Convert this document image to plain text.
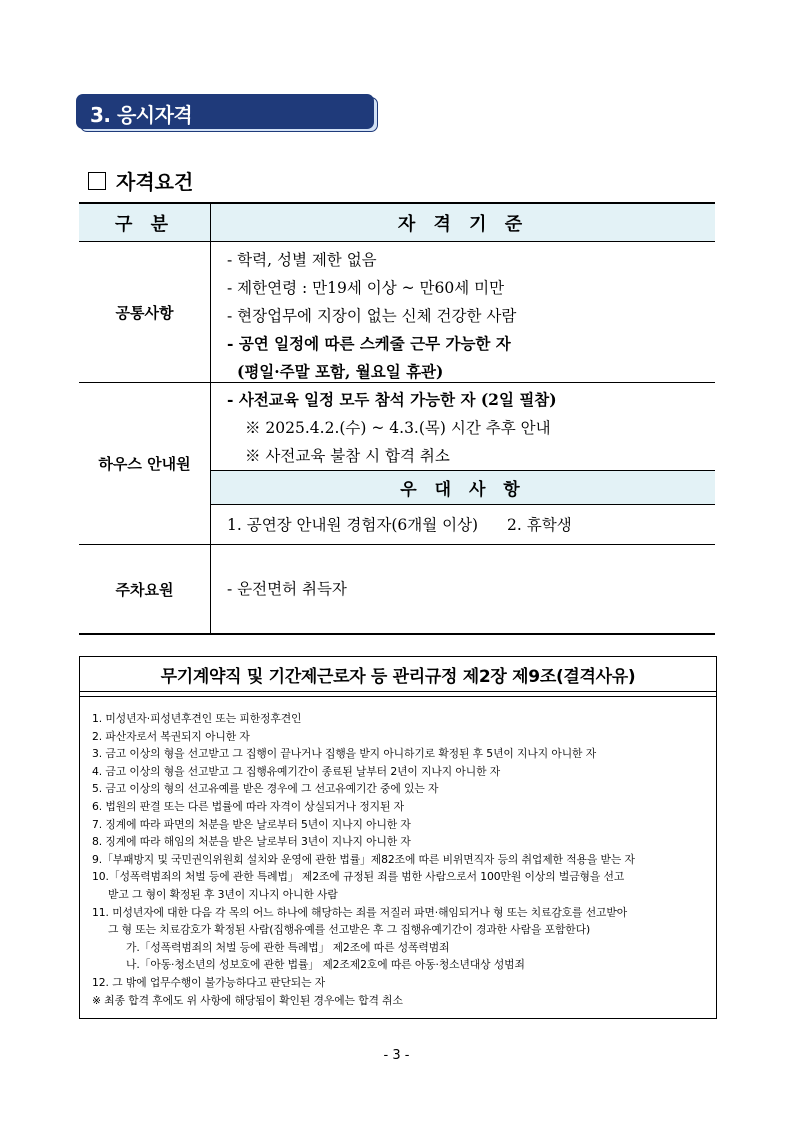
3. 응시자격
자격요건
구 분	자 격 기 준
공통사항
- 학력, 성별 제한 없음
- 제한연령 : 만19세 이상 ~ 만60세 미만
- 현장업무에 지장이 없는 신체 건강한 사람
- 공연 일정에 따른 스케줄 근무 가능한 자
(평일·주말 포함, 월요일 휴관)
하우스 안내원
- 사전교육 일정 모두 참석 가능한 자 (2일 필참)
※ 2025.4.2.(수) ~ 4.3.(목) 시간 추후 안내
※ 사전교육 불참 시 합격 취소
우 대 사 항
1. 공연장 안내원 경험자(6개월 이상) 2. 휴학생
주차요원	- 운전면허 취득자
무기계약직 및 기간제근로자 등 관리규정 제2장 제9조(결격사유)
1. 미성년자·피성년후견인 또는 피한정후견인
2. 파산자로서 복권되지 아니한 자
3. 금고 이상의 형을 선고받고 그 집행이 끝나거나 집행을 받지 아니하기로 확정된 후 5년이 지나지 아니한 자
4. 금고 이상의 형을 선고받고 그 집행유예기간이 종료된 날부터 2년이 지나지 아니한 자
5. 금고 이상의 형의 선고유예를 받은 경우에 그 선고유예기간 중에 있는 자
6. 법원의 판결 또는 다른 법률에 따라 자격이 상실되거나 정지된 자
7. 징계에 따라 파면의 처분을 받은 날로부터 5년이 지나지 아니한 자
8. 징계에 따라 해임의 처분을 받은 날로부터 3년이 지나지 아니한 자
9.「부패방지 및 국민권익위원회 설치와 운영에 관한 법률」제82조에 따른 비위면직자 등의 취업제한 적용을 받는 자
10.「성폭력범죄의 처벌 등에 관한 특례법」 제2조에 규정된 죄를 범한 사람으로서 100만원 이상의 벌금형을 선고
받고 그 형이 확정된 후 3년이 지나지 아니한 사람
11. 미성년자에 대한 다음 각 목의 어느 하나에 해당하는 죄를 저질러 파면·해임되거나 형 또는 치료감호를 선고받아
그 형 또는 치료감호가 확정된 사람(집행유예를 선고받은 후 그 집행유예기간이 경과한 사람을 포함한다)
가.「성폭력범죄의 처벌 등에 관한 특례법」 제2조에 따른 성폭력범죄
나.「아동·청소년의 성보호에 관한 법률」 제2조제2호에 따른 아동·청소년대상 성범죄
12. 그 밖에 업무수행이 불가능하다고 판단되는 자
※ 최종 합격 후에도 위 사항에 해당됨이 확인된 경우에는 합격 취소
- 3 -
